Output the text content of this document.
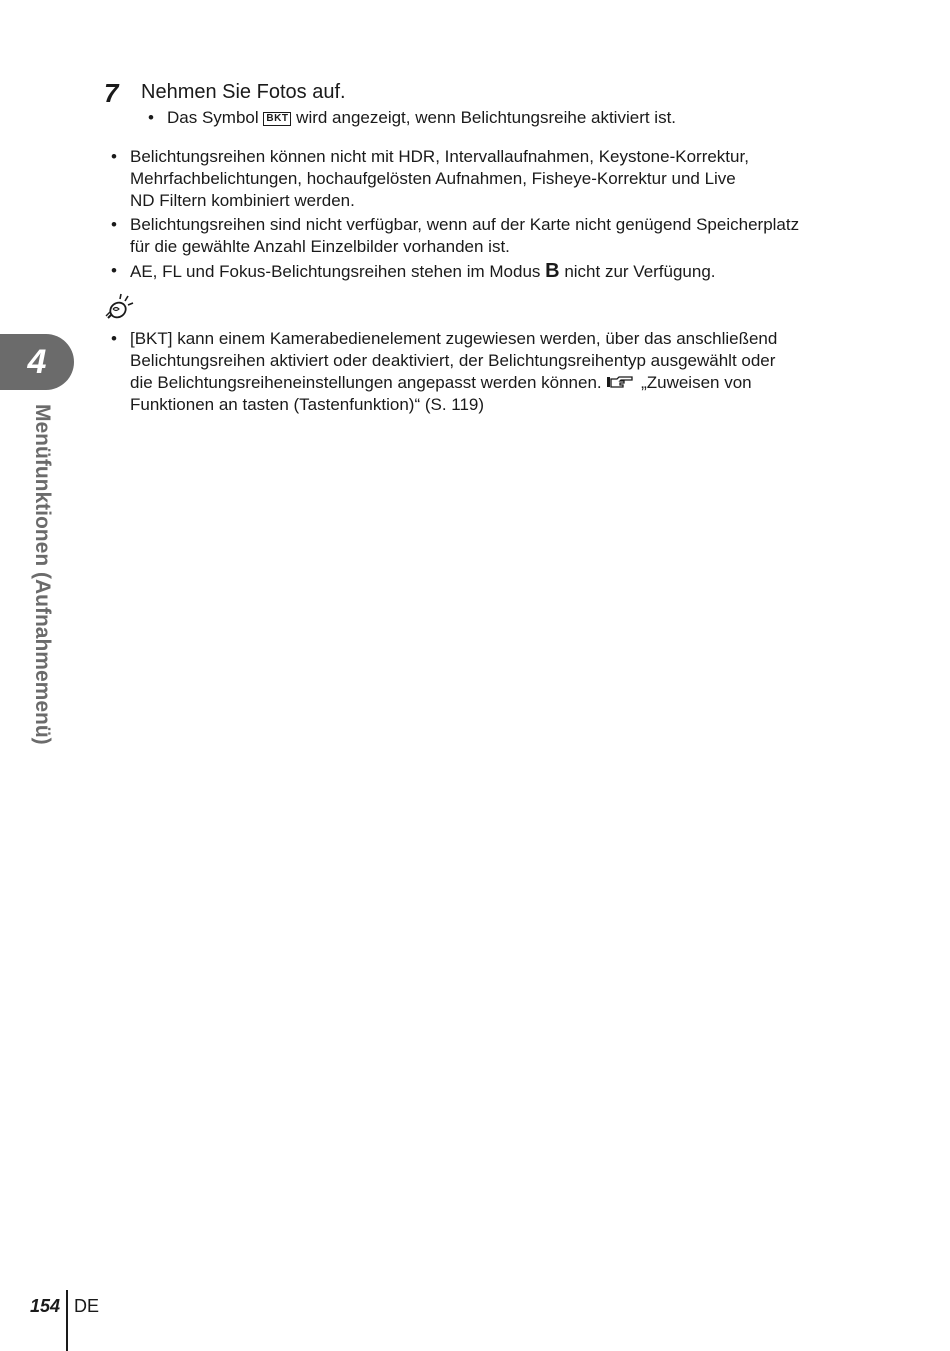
7 Nehmen Sie Fotos auf.
• Das Symbol BKT wird angezeigt, wenn Belichtungsreihe aktiviert ist.
• Belichtungsreihen können nicht mit HDR, Intervallaufnahmen, Keystone-Korrektur,
Mehrfachbelichtungen, hochaufgelösten Aufnahmen, Fisheye-Korrektur und Live
ND Filtern kombiniert werden.
• Belichtungsreihen sind nicht verfügbar, wenn auf der Karte nicht genügend Speicherplatz
für die gewählte Anzahl Einzelbilder vorhanden ist.
• AE, FL und Fokus-Belichtungsreihen stehen im Modus B nicht zur Verfügung.
• [BKT] kann einem Kamerabedienelement zugewiesen werden, über das anschließend
Belichtungsreihen aktiviert oder deaktiviert, der Belichtungsreihentyp ausgewählt oder
die Belichtungsreiheneinstellungen angepasst werden können.  „Zuweisen von
Funktionen an tasten (Tastenfunktion)“ (S. 119)
4
Menüfunktionen (Aufnahmemenü)
154 DE
